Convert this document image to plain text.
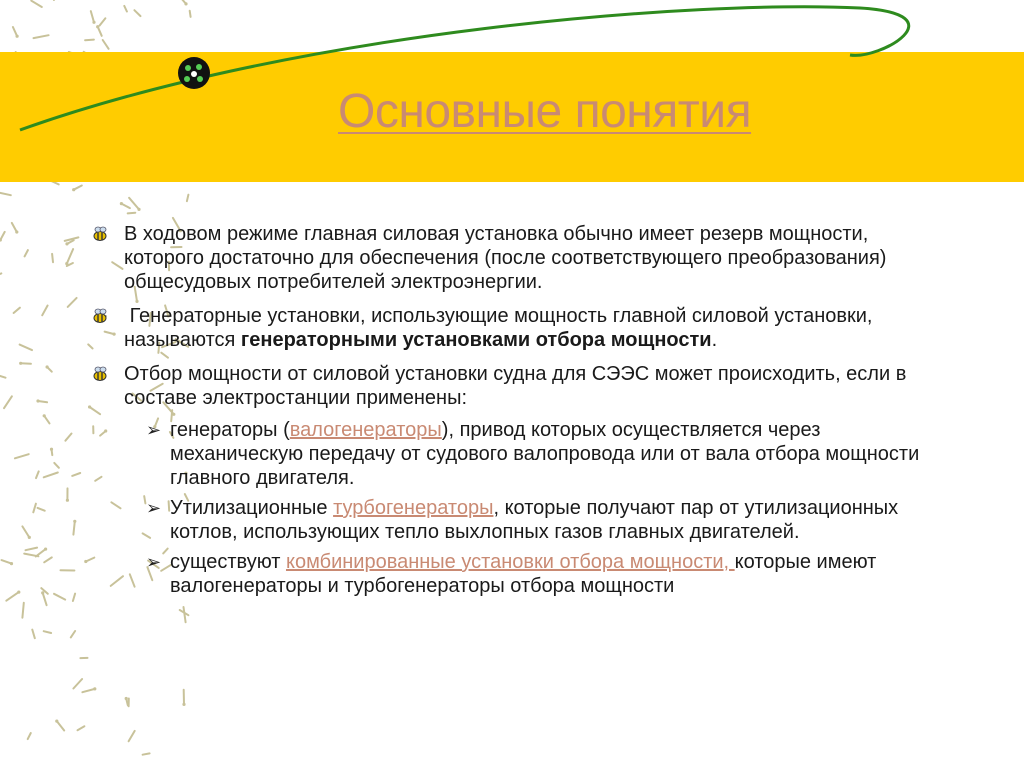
Основные понятия
В ходовом режиме главная силовая установка обычно имеет резерв мощности, которого достаточно для обеспечения (после соответствующего преобразования) общесудовых потребителей электроэнергии.
Генераторные установки, использующие мощность главной силовой установки, называются генераторными установками отбора мощности.
Отбор мощности от силовой установки судна для СЭЭС может происходить, если в составе электростанции применены:
➢ генераторы (валогенераторы), привод которых осуществляется через механическую передачу от судового валопровода или от вала отбора мощности главного двигателя.
➢ Утилизационные турбогенераторы, которые получают пар от утилизационных котлов, использующих тепло выхлопных газов главных двигателей.
➢ существуют комбинированные установки отбора мощности, которые имеют валогенераторы и турбогенераторы отбора мощности
